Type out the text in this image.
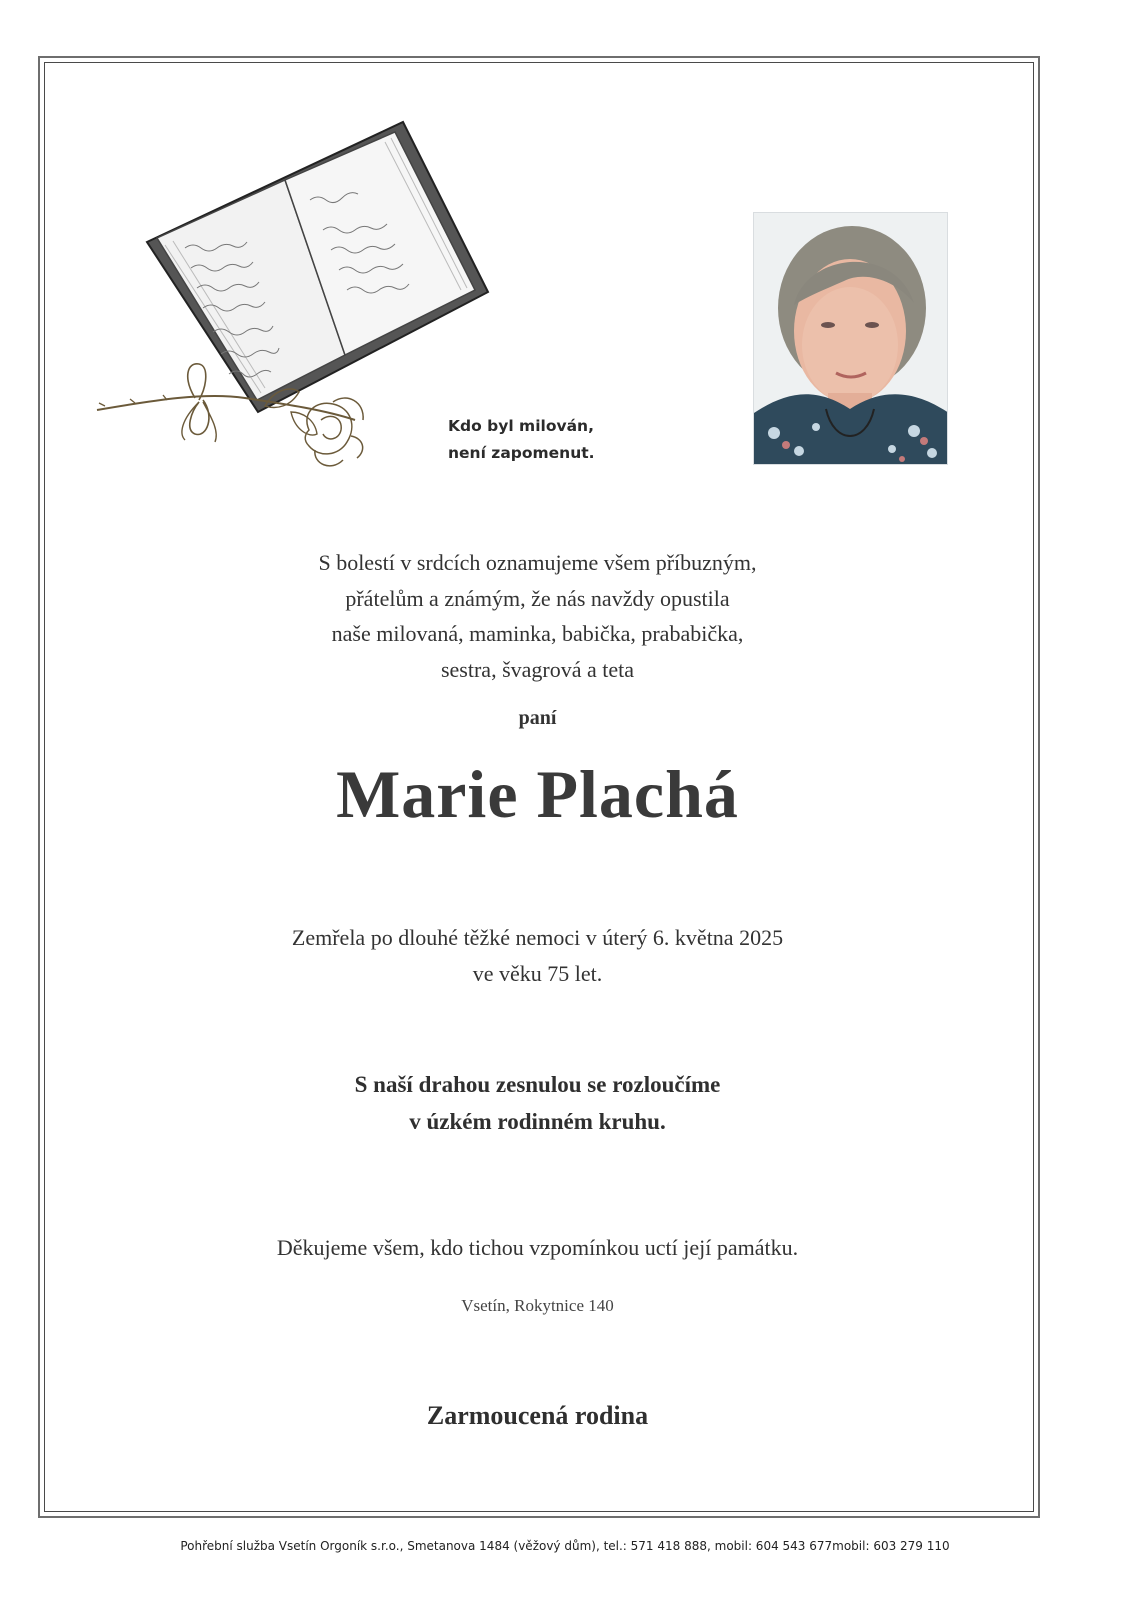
Kdo byl milován,
není zapomenut.
S bolestí v srdcích oznamujeme všem příbuzným,
přátelům a známým, že nás navždy opustila
naše milovaná, maminka, babička, prababička,
sestra, švagrová a teta
paní
Marie Plachá
Zemřela po dlouhé těžké nemoci v úterý 6. května 2025
ve věku 75 let.
S naší drahou zesnulou se rozloučíme
v úzkém rodinném kruhu.
Děkujeme všem, kdo tichou vzpomínkou uctí její památku.
Vsetín, Rokytnice 140
Zarmoucená rodina
Pohřební služba Vsetín Orgoník s.r.o., Smetanova 1484 (věžový dům), tel.: 571 418 888, mobil: 604 543 677mobil: 603 279 110
